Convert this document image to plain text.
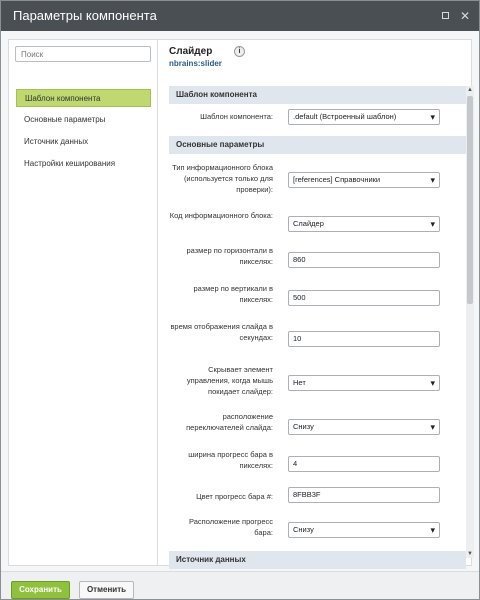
Параметры компонента	✕
Поиск
Шаблон компонента
Основные параметры
Источник данных
Настройки кеширования
Слайдер	i
nbrains:slider
Шаблон компонента
Шаблон компонента:	.default (Встроенный шаблон) ▾
Основные параметры
Тип информационного блока (используется только для проверки):
[references] Справочники ▾
Код информационного блока:
Слайдер ▾
размер по горизонтали в пикселях:	860
размер по вертикали в пикселях:	500
время отображения слайда в секундах:	10
Скрывает элемент управления, когда мышь покидает слайдер:
Нет ▾
расположение переключателей слайда:	Снизу ▾
ширина прогресс бара в пикселях:	4
Цвет прогресс бара #:	8FBB3F
Расположение прогресс бара:	Снизу ▾
Источник данных
▲
▼
Сохранить	Отменить
